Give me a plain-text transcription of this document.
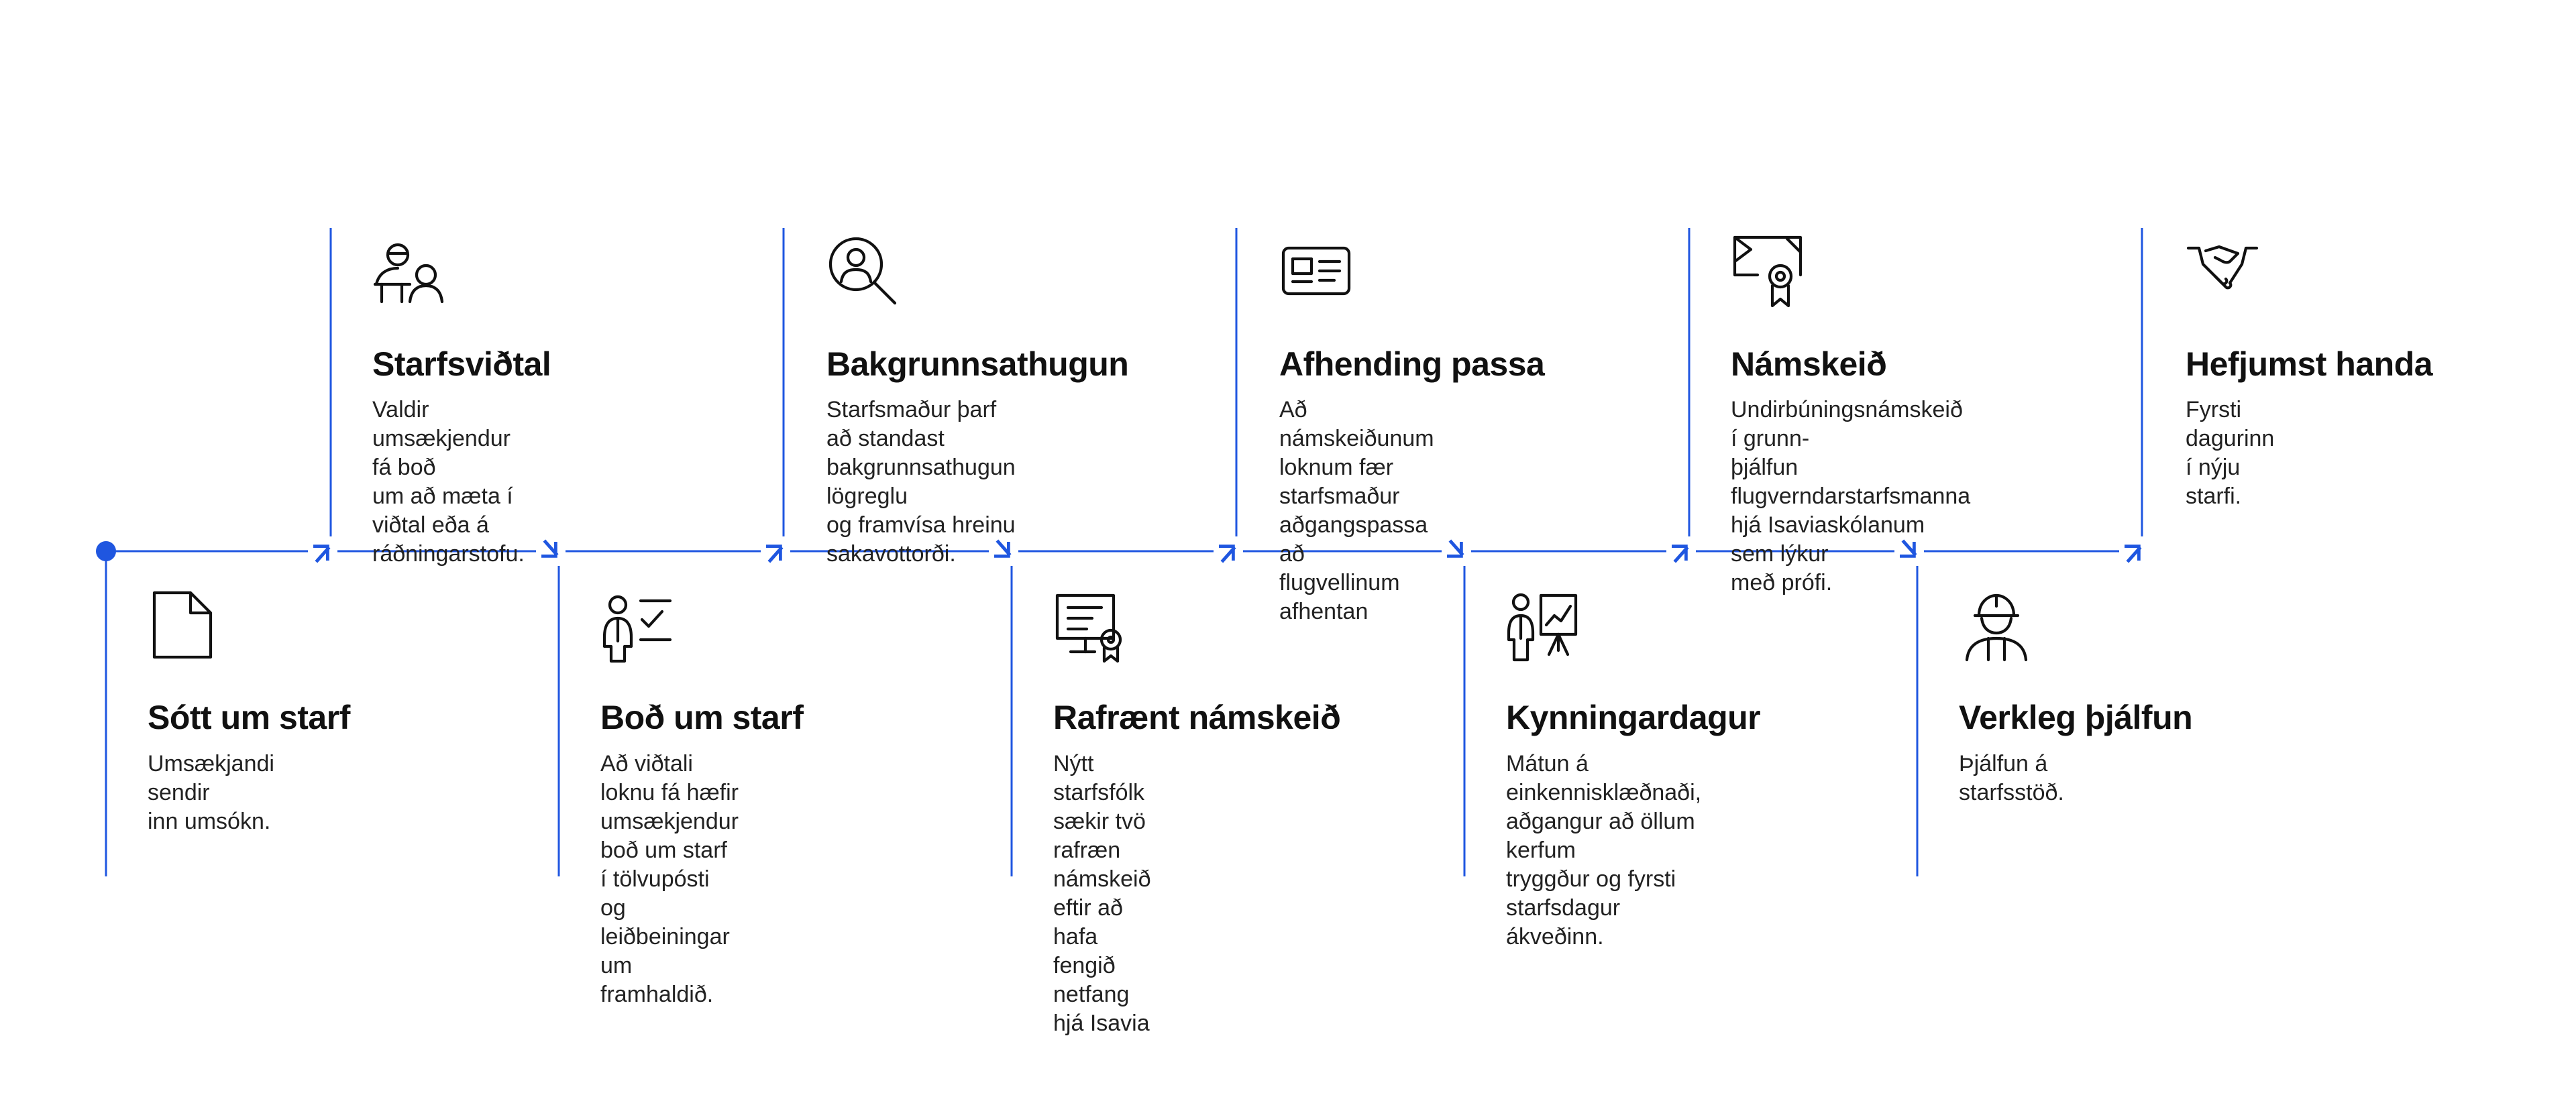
Sótt um starf

Umsækjandi sendir
inn umsókn.

Starfsviðtal

Valdir umsækjendur fá boð
um að mæta í viðtal eða á
ráðningarstofu.

Boð um starf

Að viðtali loknu fá hæfir
umsækjendur boð um starf
í tölvupósti og leiðbeiningar
um framhaldið.

Bakgrunnsathugun

Starfsmaður þarf að standast
bakgrunnsathugun lögreglu
og framvísa hreinu sakavottorði.

Rafrænt námskeið

Nýtt starfsfólk sækir tvö rafræn
námskeið eftir að hafa fengið
netfang hjá Isavia

Afhending passa

Að námskeiðunum loknum fær
starfsmaður aðgangspassa að
flugvellinum afhentan

Kynningardagur

Mátun á einkennisklæðnaði,
aðgangur að öllum kerfum
tryggður og fyrsti starfsdagur
ákveðinn.

Námskeið

Undirbúningsnámskeið í grunn-
þjálfun flugverndarstarfsmanna
hjá Isaviaskólanum sem lýkur
með prófi.

Verkleg þjálfun

Þjálfun á starfsstöð.

Hefjumst handa

Fyrsti dagurinn í nýju starfi.
